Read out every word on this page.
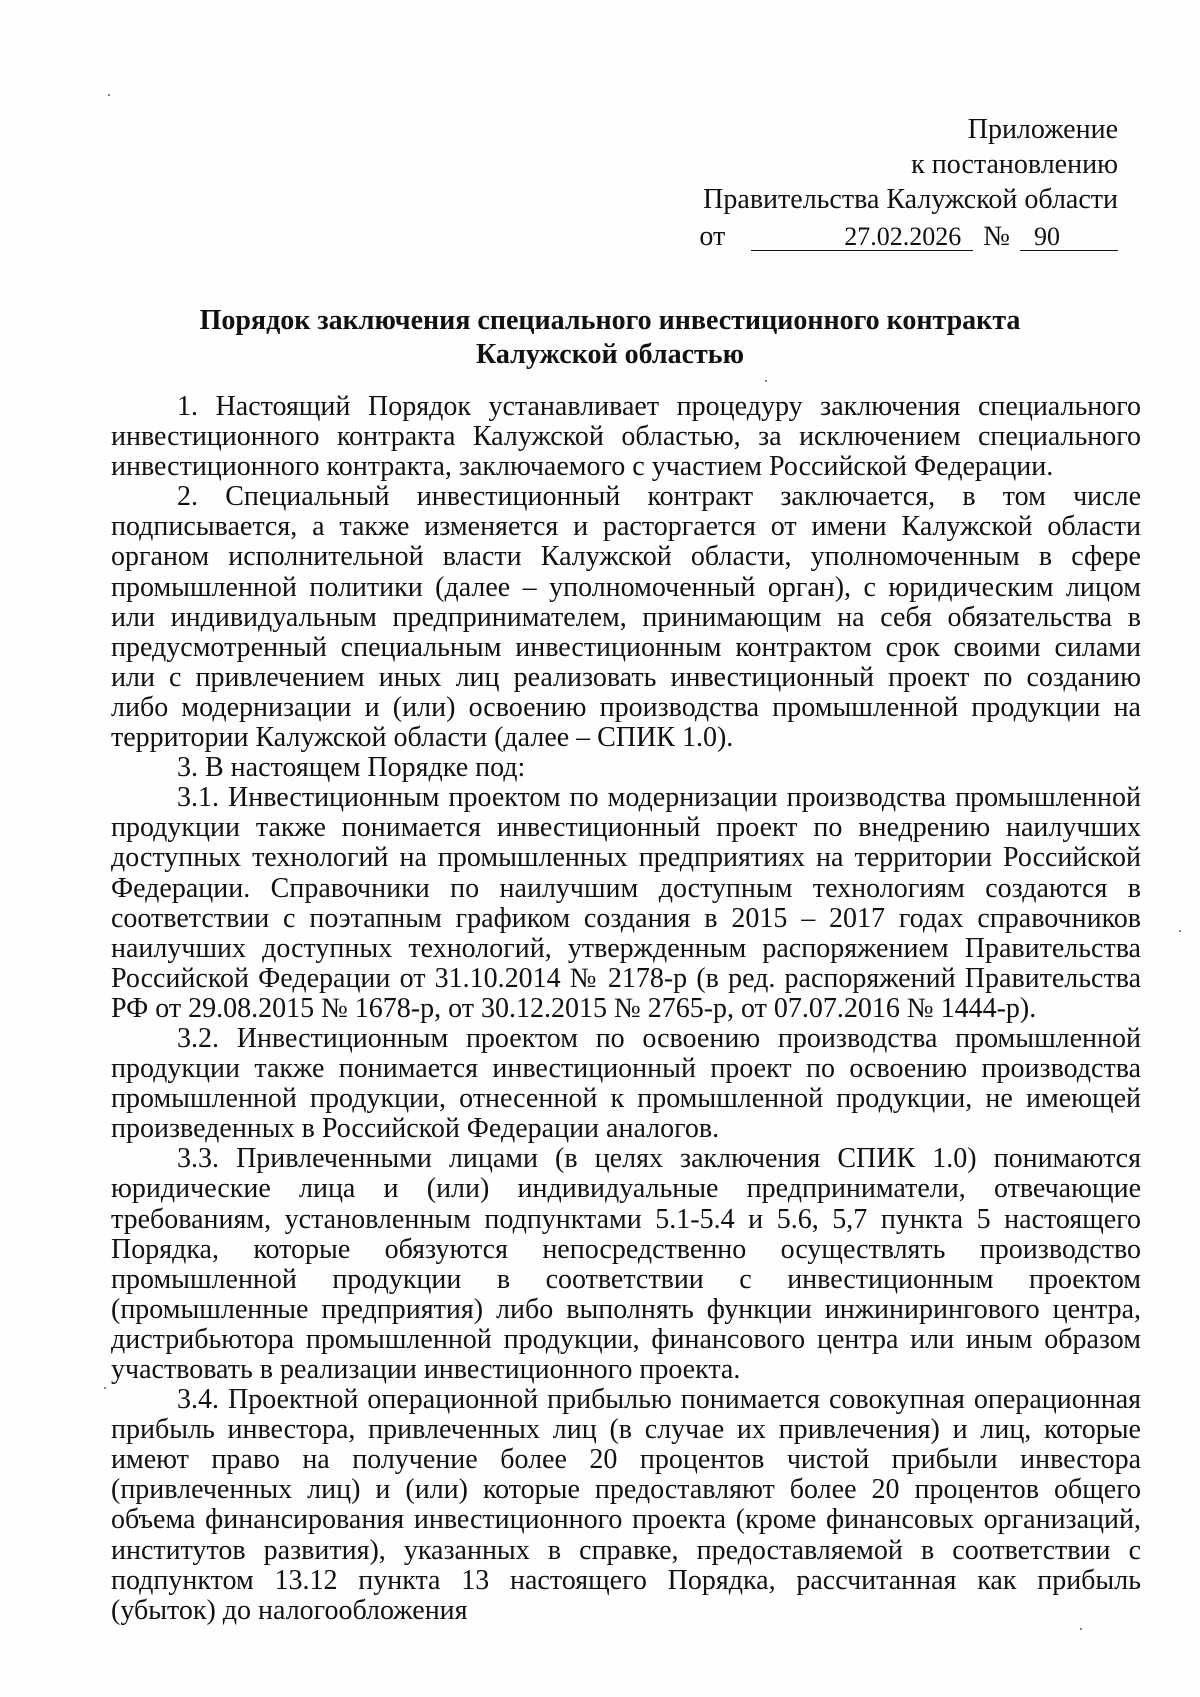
Приложение
к постановлению
Правительства Калужской области
от	27.02.2026 № 90
Порядок заключения специального инвестиционного контракта
Калужской областью

1. Настоящий Порядок устанавливает процедуру заключения специального инвестиционного контракта Калужской областью, за исключением специального инвестиционного контракта, заключаемого с участием Российской Федерации.

2. Специальный инвестиционный контракт заключается, в том числе подписывается, а также изменяется и расторгается от имени Калужской области органом исполнительной власти Калужской области, уполномоченным в сфере промышленной политики (далее – уполномоченный орган), с юридическим лицом или индивидуальным предпринимателем, принимающим на себя обязательства в предусмотренный специальным инвестиционным контрактом срок своими силами или с привлечением иных лиц реализовать инвестиционный проект по созданию либо модернизации и (или) освоению производства промышленной продукции на территории Калужской области (далее – СПИК 1.0).

3. В настоящем Порядке под:

3.1. Инвестиционным проектом по модернизации производства промышленной продукции также понимается инвестиционный проект по внедрению наилучших доступных технологий на промышленных предприятиях на территории Российской Федерации. Справочники по наилучшим доступным технологиям создаются в соответствии с поэтапным графиком создания в 2015 – 2017 годах справочников наилучших доступных технологий, утвержденным распоряжением Правительства Российской Федерации от 31.10.2014 № 2178-р (в ред. распоряжений Правительства РФ от 29.08.2015 № 1678-р, от 30.12.2015 № 2765-р, от 07.07.2016 № 1444-р).

3.2. Инвестиционным проектом по освоению производства промышленной продукции также понимается инвестиционный проект по освоению производства промышленной продукции, отнесенной к промышленной продукции, не имеющей произведенных в Российской Федерации аналогов.

3.3. Привлеченными лицами (в целях заключения СПИК 1.0) понимаются юридические лица и (или) индивидуальные предприниматели, отвечающие требованиям, установленным подпунктами 5.1-5.4 и 5.6, 5,7 пункта 5 настоящего Порядка, которые обязуются непосредственно осуществлять производство промышленной продукции в соответствии с инвестиционным проектом (промышленные предприятия) либо выполнять функции инжинирингового центра, дистрибьютора промышленной продукции, финансового центра или иным образом участвовать в реализации инвестиционного проекта.

3.4. Проектной операционной прибылью понимается совокупная операционная прибыль инвестора, привлеченных лиц (в случае их привлечения) и лиц, которые имеют право на получение более 20 процентов чистой прибыли инвестора (привлеченных лиц) и (или) которые предоставляют более 20 процентов общего объема финансирования инвестиционного проекта (кроме финансовых организаций, институтов развития), указанных в справке, предоставляемой в соответствии с подпунктом 13.12 пункта 13 настоящего Порядка, рассчитанная как прибыль (убыток) до налогообложения
